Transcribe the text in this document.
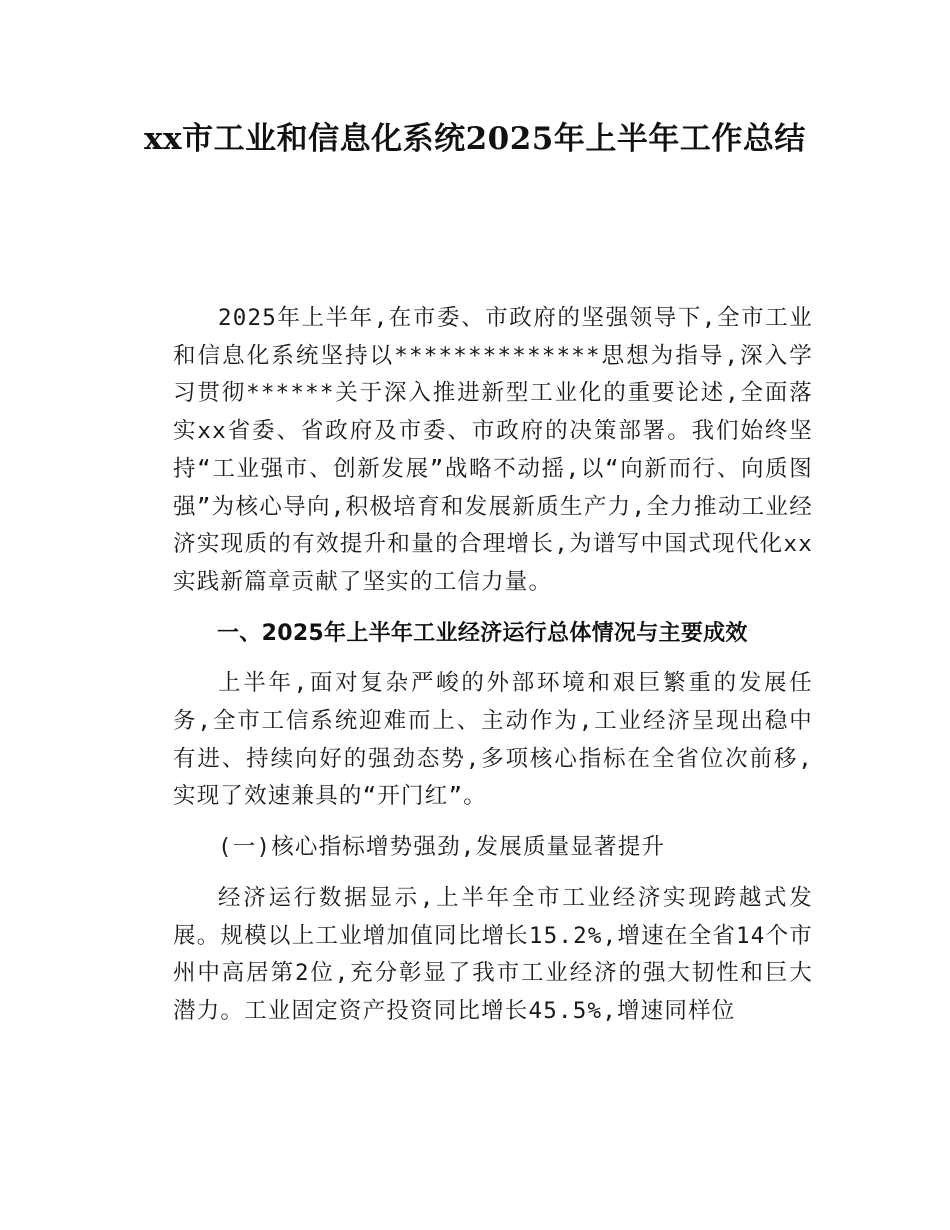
xx市工业和信息化系统2025年上半年工作总结

2025年上半年,在市委、市政府的坚强领导下,全市工业和信息化系统坚持以**************思想为指导,深入学习贯彻******关于深入推进新型工业化的重要论述,全面落实xx省委、省政府及市委、市政府的决策部署。我们始终坚持“工业强市、创新发展”战略不动摇,以“向新而行、向质图强”为核心导向,积极培育和发展新质生产力,全力推动工业经济实现质的有效提升和量的合理增长,为谱写中国式现代化xx实践新篇章贡献了坚实的工信力量。

一、2025年上半年工业经济运行总体情况与主要成效

上半年,面对复杂严峻的外部环境和艰巨繁重的发展任务,全市工信系统迎难而上、主动作为,工业经济呈现出稳中有进、持续向好的强劲态势,多项核心指标在全省位次前移,实现了效速兼具的“开门红”。

(一)核心指标增势强劲,发展质量显著提升

经济运行数据显示,上半年全市工业经济实现跨越式发展。规模以上工业增加值同比增长15.2%,增速在全省14个市州中高居第2位,充分彰显了我市工业经济的强大韧性和巨大潜力。工业固定资产投资同比增长45.5%,增速同样位
